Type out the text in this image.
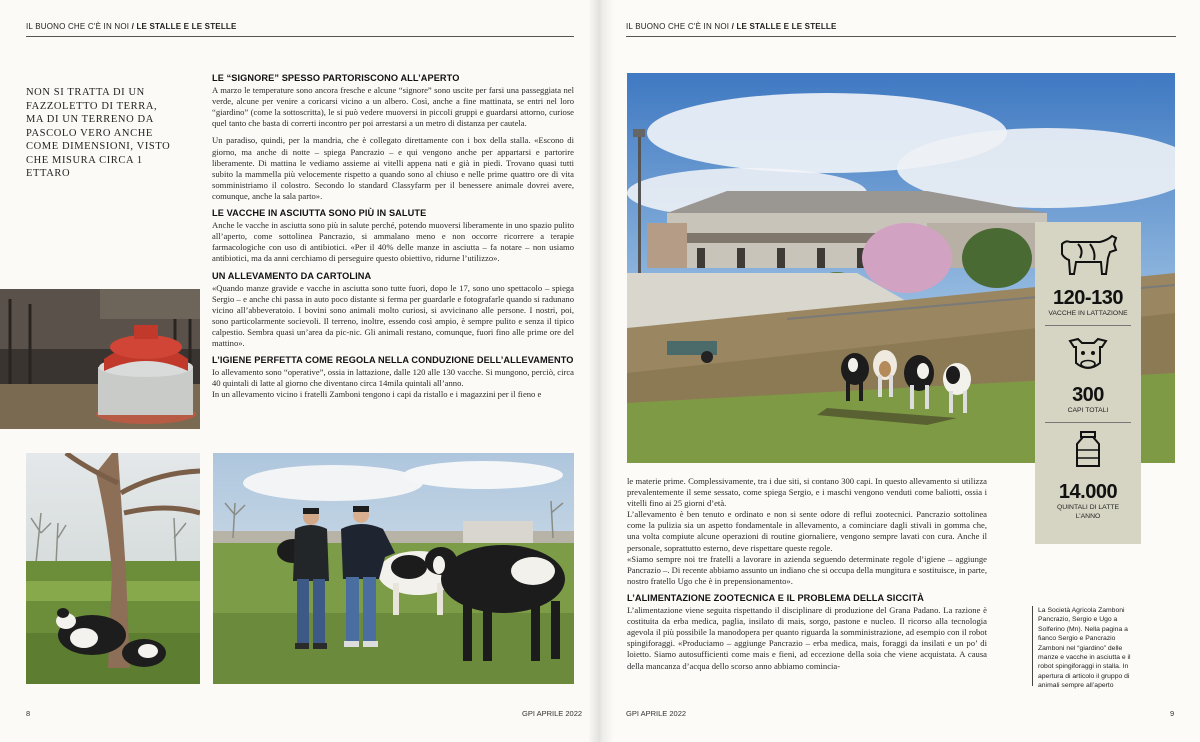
IL BUONO CHE C'È IN NOI / LE STALLE E LE STELLE
NON SI TRATTA DI UN FAZZOLETTO DI TERRA, MA DI UN TERRENO DA PASCOLO VERO ANCHE COME DIMENSIONI, VISTO CHE MISURA CIRCA 1 ETTARO
LE “SIGNORE” SPESSO PARTORISCONO ALL’APERTO

A marzo le temperature sono ancora fresche e alcune “signore” sono uscite per farsi una passeggiata nel verde, alcune per venire a coricarsi vicino a un albero. Così, anche a fine mattinata, se entri nel loro “giardino” (come la sottoscritta), le si può vedere muoversi in piccoli gruppi e guardarsi attorno, curiose quel tanto che basta di correrti incontro per poi arrestarsi a un metro di distanza per cautela.

Un paradiso, quindi, per la mandria, che è collegato direttamente con i box della stalla. «Escono di giorno, ma anche di notte – spiega Pancrazio – e qui vengono anche per appartarsi e partorire liberamente. Di mattina le vediamo assieme ai vitelli appena nati e già in piedi. Trovano quasi tutti subito la mammella più velocemente rispetto a quando sono al chiuso e nelle prime quattro ore di vita somministriamo il colostro. Secondo lo standard Classyfarm per il benessere animale dovrei avere, comunque, anche la sala parto».

LE VACCHE IN ASCIUTTA SONO PIÙ IN SALUTE

Anche le vacche in asciutta sono più in salute perché, potendo muoversi liberamente in uno spazio pulito all’aperto, come sottolinea Pancrazio, si ammalano meno e non occorre ricorrere a terapie farmacologiche con uso di antibiotici. «Per il 40% delle manze in asciutta – fa notare – non usiamo antibiotici, ma da anni cerchiamo di perseguire questo obiettivo, ridurne l’utilizzo».

UN ALLEVAMENTO DA CARTOLINA

«Quando manze gravide e vacche in asciutta sono tutte fuori, dopo le 17, sono uno spettacolo – spiega Sergio – e anche chi passa in auto poco distante si ferma per guardarle e fotografarle quando si radunano vicino all’abbeveratoio. I bovini sono animali molto curiosi, si avvicinano alle persone. I nostri, poi, sono particolarmente socievoli. Il terreno, inoltre, essendo così ampio, è sempre pulito e senza il tipico calpestio. Sembra quasi un’area da pic-nic. Gli animali restano, comunque, fuori fino alle prime ore del mattino».

L’IGIENE PERFETTA COME REGOLA NELLA CONDUZIONE DELL’ALLEVAMENTO

Io allevamento sono “operative”, ossia in lattazione, dalle 120 alle 130 vacche. Si mungono, perciò, circa 40 quintali di latte al giorno che diventano circa 14mila quintali all’anno.

In un allevamento vicino i fratelli Zamboni tengono i capi da ristallo e i magazzini per il fieno e

8	GPI APRILE 2022
IL BUONO CHE C'È IN NOI / LE STALLE E LE STELLE
120-130
VACCHE IN LATTAZIONE
300
CAPI TOTALI
14.000
QUINTALI DI LATTE L’ANNO

le materie prime. Complessivamente, tra i due siti, si contano 300 capi. In questo allevamento si utilizza prevalentemente il seme sessato, come spiega Sergio, e i maschi vengono venduti come baliotti, ossia i vitelli fino ai 25 giorni d’età.

L’allevamento è ben tenuto e ordinato e non si sente odore di reflui zootecnici. Pancrazio sottolinea come la pulizia sia un aspetto fondamentale in allevamento, a cominciare dagli stivali in gomma che, una volta compiute alcune operazioni di routine giornaliere, vengono sempre lavati con cura. Anche il personale, soprattutto esterno, deve rispettare queste regole.

«Siamo sempre noi tre fratelli a lavorare in azienda seguendo determinate regole d’igiene – aggiunge Pancrazio –. Di recente abbiamo assunto un indiano che si occupa della mungitura e sostituisce, in parte, nostro fratello Ugo che è in prepensionamento».

L’ALIMENTAZIONE ZOOTECNICA E IL PROBLEMA DELLA SICCITÀ

L’alimentazione viene seguita rispettando il disciplinare di produzione del Grana Padano. La razione è costituita da erba medica, paglia, insilato di mais, sorgo, pastone e nucleo. Il ricorso alla tecnologia agevola il più possibile la manodopera per quanto riguarda la somministrazione, ad esempio con il robot spingiforaggi. «Produciamo – aggiunge Pancrazio – erba medica, mais, foraggi da insilati e un po’ di loietto. Siamo autosufficienti come mais e fieni, ad eccezione della soia che viene acquistata. A causa della mancanza d’acqua dello scorso anno abbiamo comincia-

La Società Agricola Zamboni Pancrazio, Sergio e Ugo a Solferino (Mn). Nella pagina a fianco Sergio e Pancrazio Zamboni nel “giardino” delle manze e vacche in asciutta e il robot spingiforaggi in stalla. In apertura di articolo il gruppo di animali sempre all’aperto
GPI APRILE 2022	9
